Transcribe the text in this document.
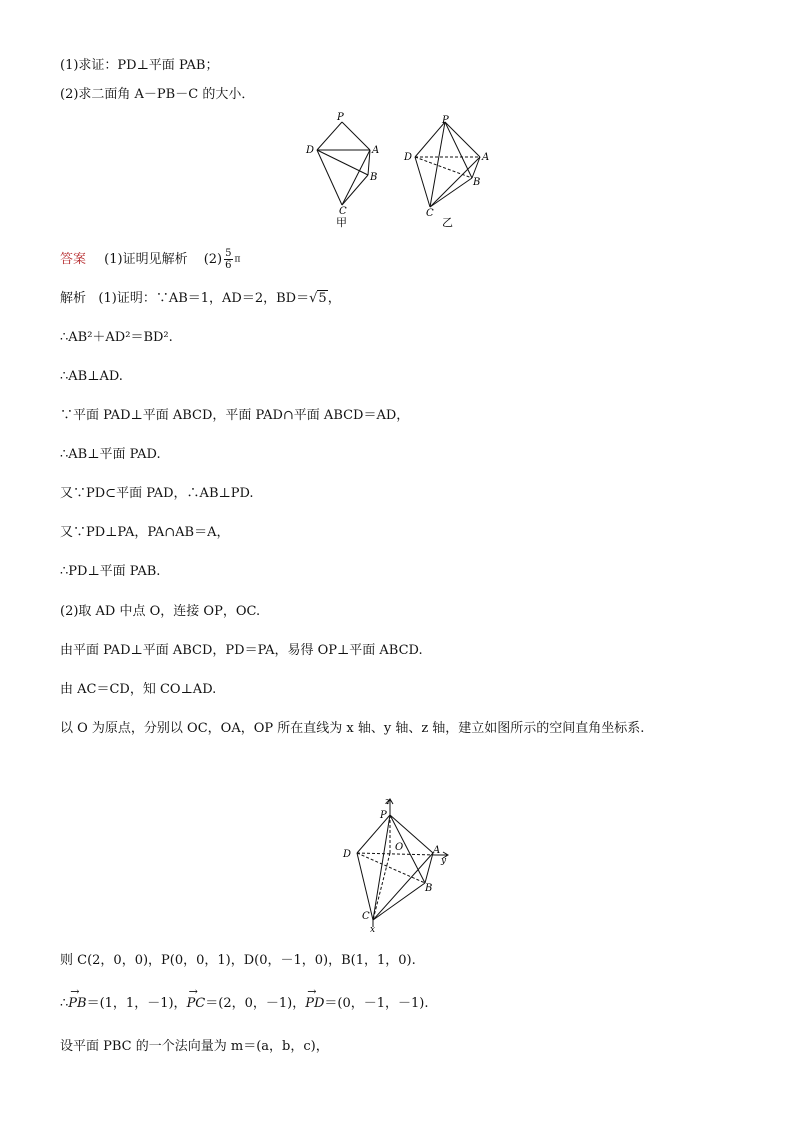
(1)求证：PD⊥平面 PAB；
(2)求二面角 A－PB－C 的大小．
P
D	A
B
C
甲
P
D	A
B
C
乙
答案 (1)证明见解析 $(2) \frac{5}{6}$ π
解析 (1)证明：∵AB＝1，AD＝2，BD＝√5，
∴AB²＋AD²＝BD².
∴AB⊥AD.
∵平面 PAD⊥平面 ABCD，平面 PAD∩平面 ABCD＝AD，
∴AB⊥平面 PAD.
又∵PD⊂平面 PAD，∴AB⊥PD.
又∵PD⊥PA，PA∩AB＝A，
∴PD⊥平面 PAB.
(2)取 AD 中点 O，连接 OP，OC.
由平面 PAD⊥平面 ABCD，PD＝PA，易得 OP⊥平面 ABCD.
由 AC＝CD，知 CO⊥AD.
以 O 为原点，分别以 OC，OA，OP 所在直线为 x 轴、y 轴、z 轴，建立如图所示的空间直角坐标系.
z
P
O
D	A
y
B
C
x
则 C(2，0，0)，P(0，0，1)，D(0，－1，0)，B(1，1，0).
∴→ PB＝(1，1，－1)，→ PC＝(2，0，－1)，→ PD＝(0，－1，－1).
设平面 PBC 的一个法向量为 m＝(a，b，c)，
